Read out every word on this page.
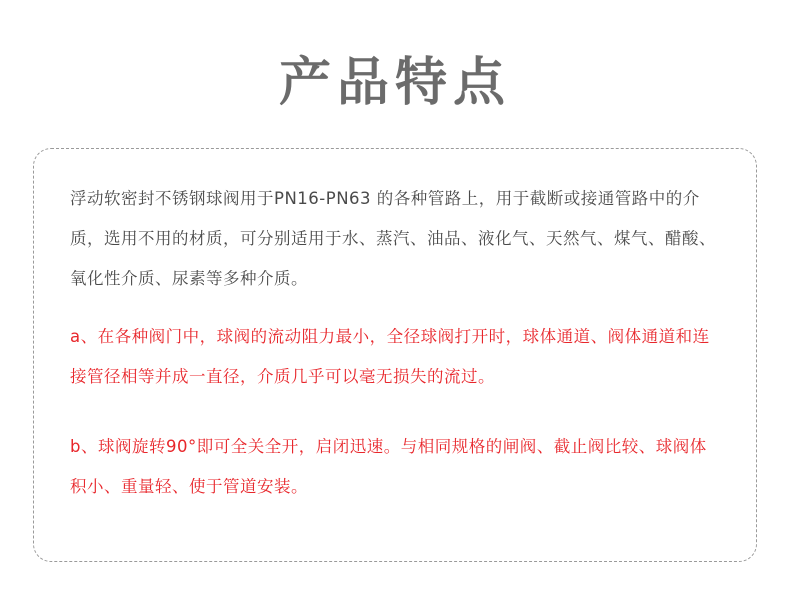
产品特点

浮动软密封不锈钢球阀用于PN16-PN63 的各种管路上，用于截断或接通管路中的介质，选用不用的材质，可分别适用于水、蒸汽、油品、液化气、天然气、煤气、醋酸、氧化性介质、尿素等多种介质。

a、在各种阀门中，球阀的流动阻力最小，全径球阀打开时，球体通道、阀体通道和连接管径相等并成一直径，介质几乎可以毫无损失的流过。

b、球阀旋转90°即可全关全开，启闭迅速。与相同规格的闸阀、截止阀比较、球阀体积小、重量轻、使于管道安装。
